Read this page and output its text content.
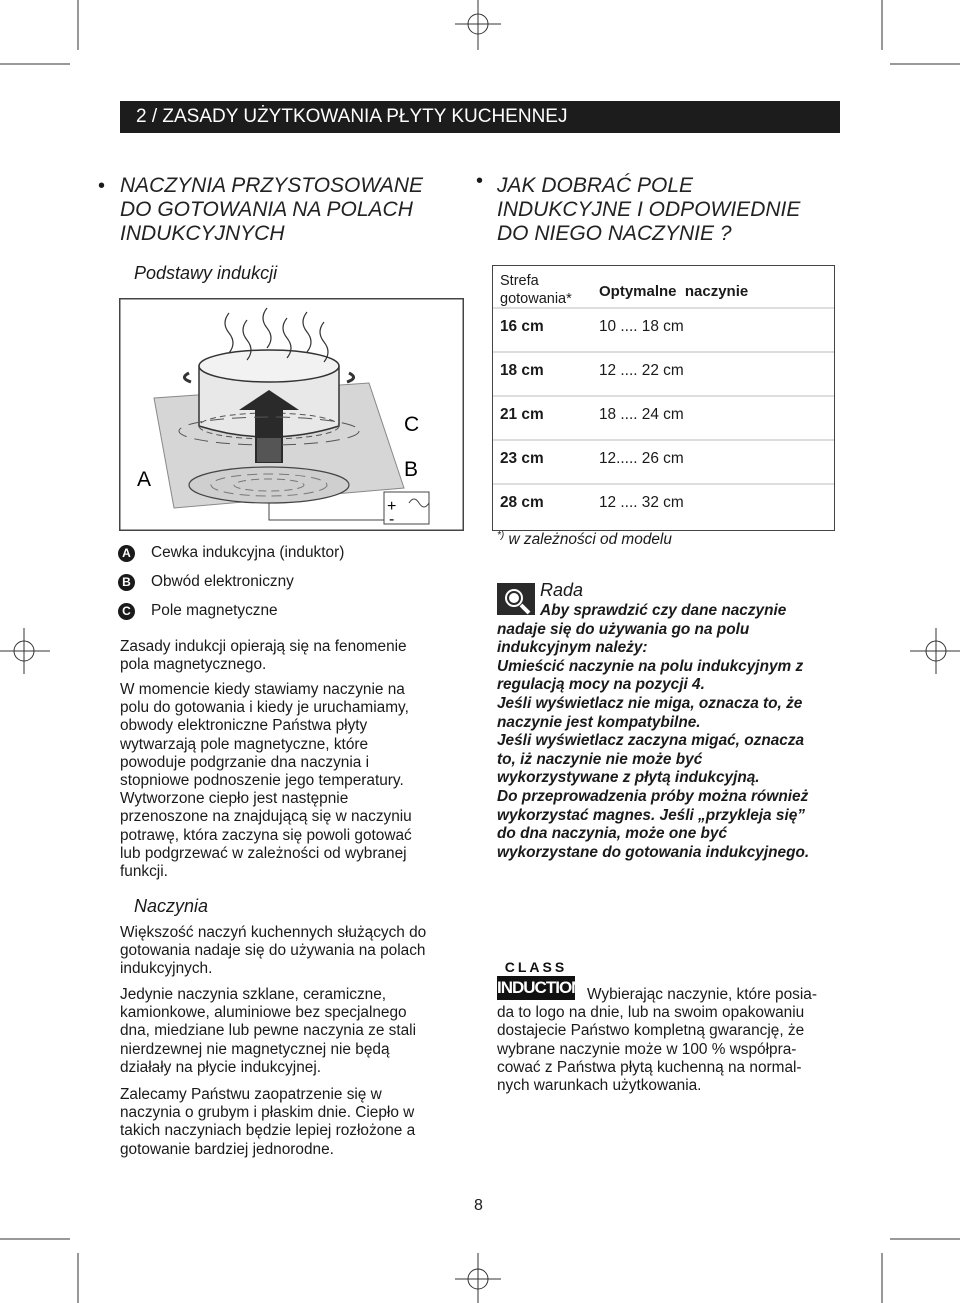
2 / ZASADY UŻYTKOWANIA PŁYTY KUCHENNEJ
• NACZYNIA PRZYSTOSOWANE
DO GOTOWANIA NA POLACH
INDUKCYJNYCH
Podstawy indukcji
+
-
A	B
C
A Cewka indukcyjna (induktor)
B Obwód elektroniczny
C Pole magnetyczne
Zasady indukcji opierają się na fenomenie
pola magnetycznego.
W momencie kiedy stawiamy naczynie na
polu do gotowania i kiedy je uruchamiamy,
obwody elektroniczne Państwa płyty
wytwarzają pole magnetyczne, które
powoduje podgrzanie dna naczynia i
stopniowe podnoszenie jego temperatury.
Wytworzone ciepło jest następnie
przenoszone na znajdującą się w naczyniu
potrawę, która zaczyna się powoli gotować
lub podgrzewać w zależności od wybranej
funkcji.
Naczynia
Większość naczyń kuchennych służących do
gotowania nadaje się do używania na polach
indukcyjnych.
Jedynie naczynia szklane, ceramiczne,
kamionkowe, aluminiowe bez specjalnego
dna, miedziane lub pewne naczynia ze stali
nierdzewnej nie magnetycznej nie będą
działały na płycie indukcyjnej.
Zalecamy Państwu zaopatrzenie się w
naczynia o grubym i płaskim dnie. Ciepło w
takich naczyniach będzie lepiej rozłożone a
gotowanie bardziej jednorodne.
• JAK DOBRAĆ POLE
INDUKCYJNE I ODPOWIEDNIE
DO NIEGO NACZYNIE ?
Strefa
gotowania* Optymalne  naczynie
16 cm	10 .... 18 cm
18 cm	12 .... 22 cm
21 cm	18 .... 24 cm
23 cm	12..... 26 cm
28 cm	12 .... 32 cm
*) w zależności od modelu
Rada
Aby sprawdzić czy dane naczynie
nadaje się do używania go na polu
indukcyjnym należy:
Umieścić naczynie na polu indukcyjnym z
regulacją mocy na pozycji 4.
Jeśli wyświetlacz nie miga, oznacza to, że
naczynie jest kompatybilne.
Jeśli wyświetlacz zaczyna migać, oznacza
to, iż naczynie nie może być
wykorzystywane z płytą indukcyjną.
Do przeprowadzenia próby można również
wykorzystać magnes. Jeśli „przykleja się”
do dna naczynia, może one być
wykorzystane do gotowania indukcyjnego.
CLASS
INDUCTION Wybierając naczynie, które posia-
da to logo na dnie, lub na swoim opakowaniu
dostajecie Państwo kompletną gwarancję, że
wybrane naczynie może w 100 % współpra-
cować z Państwa płytą kuchenną na normal-
nych warunkach użytkowania.
8
